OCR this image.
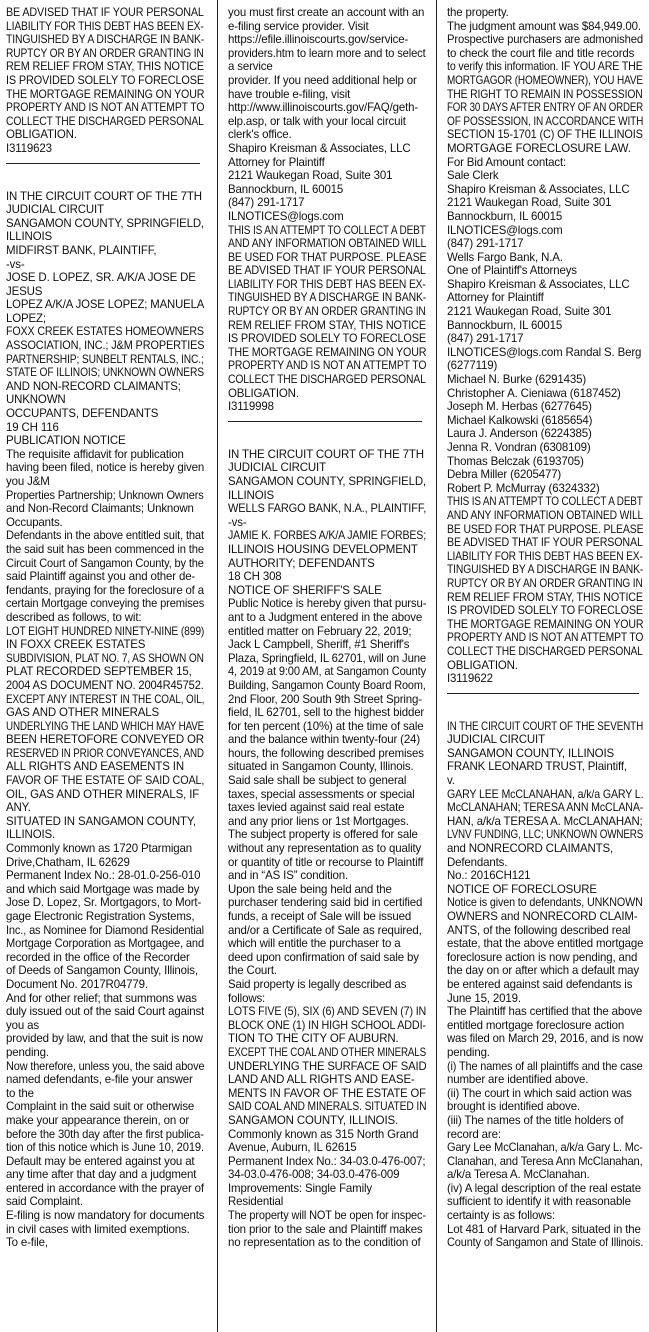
BE ADVISED THAT IF YOUR PERSONAL
LIABILITY FOR THIS DEBT HAS BEEN EX-
TINGUISHED BY A DISCHARGE IN BANK-
RUPTCY OR BY AN ORDER GRANTING IN
REM RELIEF FROM STAY, THIS NOTICE
IS PROVIDED SOLELY TO FORECLOSE
THE MORTGAGE REMAINING ON YOUR
PROPERTY AND IS NOT AN ATTEMPT TO
COLLECT THE DISCHARGED PERSONAL
OBLIGATION.
I3119623
IN THE CIRCUIT COURT OF THE 7TH
JUDICIAL CIRCUIT
SANGAMON COUNTY, SPRINGFIELD,
ILLINOIS
MIDFIRST BANK, PLAINTIFF,
-vs-
JOSE D. LOPEZ, SR. A/K/A JOSE DE
JESUS
LOPEZ A/K/A JOSE LOPEZ; MANUELA
LOPEZ;
FOXX CREEK ESTATES HOMEOWNERS
ASSOCIATION, INC.; J&M PROPERTIES
PARTNERSHIP; SUNBELT RENTALS, INC.;
STATE OF ILLINOIS; UNKNOWN OWNERS
AND NON-RECORD CLAIMANTS;
UNKNOWN
OCCUPANTS, DEFENDANTS
19 CH 116
PUBLICATION NOTICE
The requisite affidavit for publication
having been filed, notice is hereby given
you J&M
Properties Partnership; Unknown Owners
and Non-Record Claimants; Unknown
Occupants.
Defendants in the above entitled suit, that
the said suit has been commenced in the
Circuit Court of Sangamon County, by the
said Plaintiff against you and other de-
fendants, praying for the foreclosure of a
certain Mortgage conveying the premises
described as follows, to wit:
LOT EIGHT HUNDRED NINETY-NINE (899)
IN FOXX CREEK ESTATES
SUBDIVISION, PLAT NO. 7, AS SHOWN ON
PLAT RECORDED SEPTEMBER 15,
2004 AS DOCUMENT NO. 2004R45752.
EXCEPT ANY INTEREST IN THE COAL, OIL,
GAS AND OTHER MINERALS
UNDERLYING THE LAND WHICH MAY HAVE
BEEN HERETOFORE CONVEYED OR
RESERVED IN PRIOR CONVEYANCES, AND
ALL RIGHTS AND EASEMENTS IN
FAVOR OF THE ESTATE OF SAID COAL,
OIL, GAS AND OTHER MINERALS, IF
ANY.
SITUATED IN SANGAMON COUNTY,
ILLINOIS.
Commonly known as 1720 Ptarmigan
Drive,Chatham, IL 62629
Permanent Index No.: 28-01.0-256-010
and which said Mortgage was made by
Jose D. Lopez, Sr. Mortgagors, to Mort-
gage Electronic Registration Systems,
Inc., as Nominee for Diamond Residential
Mortgage Corporation as Mortgagee, and
recorded in the office of the Recorder
of Deeds of Sangamon County, Illinois,
Document No. 2017R04779.
And for other relief; that summons was
duly issued out of the said Court against
you as
provided by law, and that the suit is now
pending.
Now therefore, unless you, the said above
named defendants, e-file your answer
to the
Complaint in the said suit or otherwise
make your appearance therein, on or
before the 30th day after the first publica-
tion of this notice which is June 10, 2019.
Default may be entered against you at
any time after that day and a judgment
entered in accordance with the prayer of
said Complaint.
E-filing is now mandatory for documents
in civil cases with limited exemptions.
To e-file,
you must first create an account with an
e-filing service provider. Visit
https://efile.illinoiscourts.gov/service-
providers.htm to learn more and to select
a service
provider. If you need additional help or
have trouble e-filing, visit
http://www.illinoiscourts.gov/FAQ/geth-
elp.asp, or talk with your local circuit
clerk's office.
Shapiro Kreisman & Associates, LLC
Attorney for Plaintiff
2121 Waukegan Road, Suite 301
Bannockburn, IL 60015
(847) 291-1717
ILNOTICES@logs.com
THIS IS AN ATTEMPT TO COLLECT A DEBT
AND ANY INFORMATION OBTAINED WILL
BE USED FOR THAT PURPOSE. PLEASE
BE ADVISED THAT IF YOUR PERSONAL
LIABILITY FOR THIS DEBT HAS BEEN EX-
TINGUISHED BY A DISCHARGE IN BANK-
RUPTCY OR BY AN ORDER GRANTING IN
REM RELIEF FROM STAY, THIS NOTICE
IS PROVIDED SOLELY TO FORECLOSE
THE MORTGAGE REMAINING ON YOUR
PROPERTY AND IS NOT AN ATTEMPT TO
COLLECT THE DISCHARGED PERSONAL
OBLIGATION.
I3119998
IN THE CIRCUIT COURT OF THE 7TH
JUDICIAL CIRCUIT
SANGAMON COUNTY, SPRINGFIELD,
ILLINOIS
WELLS FARGO BANK, N.A., PLAINTIFF,
-vs-
JAMIE K. FORBES A/K/A JAMIE FORBES;
ILLINOIS HOUSING DEVELOPMENT
AUTHORITY; DEFENDANTS
18 CH 308
NOTICE OF SHERIFF'S SALE
Public Notice is hereby given that pursu-
ant to a Judgment entered in the above
entitled matter on February 22, 2019;
Jack L Campbell, Sheriff, #1 Sheriff's
Plaza, Springfield, IL 62701, will on June
4, 2019 at 9:00 AM, at Sangamon County
Building, Sangamon County Board Room,
2nd Floor, 200 South 9th Street Spring-
field, IL 62701, sell to the highest bidder
for ten percent (10%) at the time of sale
and the balance within twenty-four (24)
hours, the following described premises
situated in Sangamon County, Illinois.
Said sale shall be subject to general
taxes, special assessments or special
taxes levied against said real estate
and any prior liens or 1st Mortgages.
The subject property is offered for sale
without any representation as to quality
or quantity of title or recourse to Plaintiff
and in “AS IS” condition.
Upon the sale being held and the
purchaser tendering said bid in certified
funds, a receipt of Sale will be issued
and/or a Certificate of Sale as required,
which will entitle the purchaser to a
deed upon confirmation of said sale by
the Court.
Said property is legally described as
follows:
LOTS FIVE (5), SIX (6) AND SEVEN (7) IN
BLOCK ONE (1) IN HIGH SCHOOL ADDI-
TION TO THE CITY OF AUBURN.
EXCEPT THE COAL AND OTHER MINERALS
UNDERLYING THE SURFACE OF SAID
LAND AND ALL RIGHTS AND EASE-
MENTS IN FAVOR OF THE ESTATE OF
SAID COAL AND MINERALS. SITUATED IN
SANGAMON COUNTY, ILLINOIS.
Commonly known as 315 North Grand
Avenue, Auburn, IL 62615
Permanent Index No.: 34-03.0-476-007;
34-03.0-476-008; 34-03.0-476-009
Improvements: Single Family
Residential
The property will NOT be open for inspec-
tion prior to the sale and Plaintiff makes
no representation as to the condition of
the property.
The judgment amount was $84,949.00.
Prospective purchasers are admonished
to check the court file and title records
to verify this information. IF YOU ARE THE
MORTGAGOR (HOMEOWNER), YOU HAVE
THE RIGHT TO REMAIN IN POSSESSION
FOR 30 DAYS AFTER ENTRY OF AN ORDER
OF POSSESSION, IN ACCORDANCE WITH
SECTION 15-1701 (C) OF THE ILLINOIS
MORTGAGE FORECLOSURE LAW.
For Bid Amount contact:
Sale Clerk
Shapiro Kreisman & Associates, LLC
2121 Waukegan Road, Suite 301
Bannockburn, IL 60015
ILNOTICES@logs.com
(847) 291-1717
Wells Fargo Bank, N.A.
One of Plaintiff's Attorneys
Shapiro Kreisman & Associates, LLC
Attorney for Plaintiff
2121 Waukegan Road, Suite 301
Bannockburn, IL 60015
(847) 291-1717
ILNOTICES@logs.com Randal S. Berg
(6277119)
Michael N. Burke (6291435)
Christopher A. Cieniawa (6187452)
Joseph M. Herbas (6277645)
Michael Kalkowski (6185654)
Laura J. Anderson (6224385)
Jenna R. Vondran (6308109)
Thomas Belczak (6193705)
Debra Miller (6205477)
Robert P. McMurray (6324332)
THIS IS AN ATTEMPT TO COLLECT A DEBT
AND ANY INFORMATION OBTAINED WILL
BE USED FOR THAT PURPOSE. PLEASE
BE ADVISED THAT IF YOUR PERSONAL
LIABILITY FOR THIS DEBT HAS BEEN EX-
TINGUISHED BY A DISCHARGE IN BANK-
RUPTCY OR BY AN ORDER GRANTING IN
REM RELIEF FROM STAY, THIS NOTICE
IS PROVIDED SOLELY TO FORECLOSE
THE MORTGAGE REMAINING ON YOUR
PROPERTY AND IS NOT AN ATTEMPT TO
COLLECT THE DISCHARGED PERSONAL
OBLIGATION.
I3119622
IN THE CIRCUIT COURT OF THE SEVENTH
JUDICIAL CIRCUIT
SANGAMON COUNTY, ILLINOIS
FRANK LEONARD TRUST, Plaintiff,
v.
GARY LEE McCLANAHAN, a/k/a GARY L.
McCLANAHAN; TERESA ANN McCLANA-
HAN, a/k/a TERESA A. McCLANAHAN;
LVNV FUNDING, LLC; UNKNOWN OWNERS
and NONRECORD CLAIMANTS,
Defendants.
No.: 2016CH121
NOTICE OF FORECLOSURE
Notice is given to defendants, UNKNOWN
OWNERS and NONRECORD CLAIM-
ANTS, of the following described real
estate, that the above entitled mortgage
foreclosure action is now pending, and
the day on or after which a default may
be entered against said defendants is
June 15, 2019.
The Plaintiff has certified that the above
entitled mortgage foreclosure action
was filed on March 29, 2016, and is now
pending.
(i) The names of all plaintiffs and the case
number are identified above.
(ii) The court in which said action was
brought is identified above.
(iii) The names of the title holders of
record are:
Gary Lee McClanahan, a/k/a Gary L. Mc-
Clanahan, and Teresa Ann McClanahan,
a/k/a Teresa A. McClanahan.
(iv) A legal description of the real estate
sufficient to identify it with reasonable
certainty is as follows:
Lot 481 of Harvard Park, situated in the
County of Sangamon and State of Illinois.
